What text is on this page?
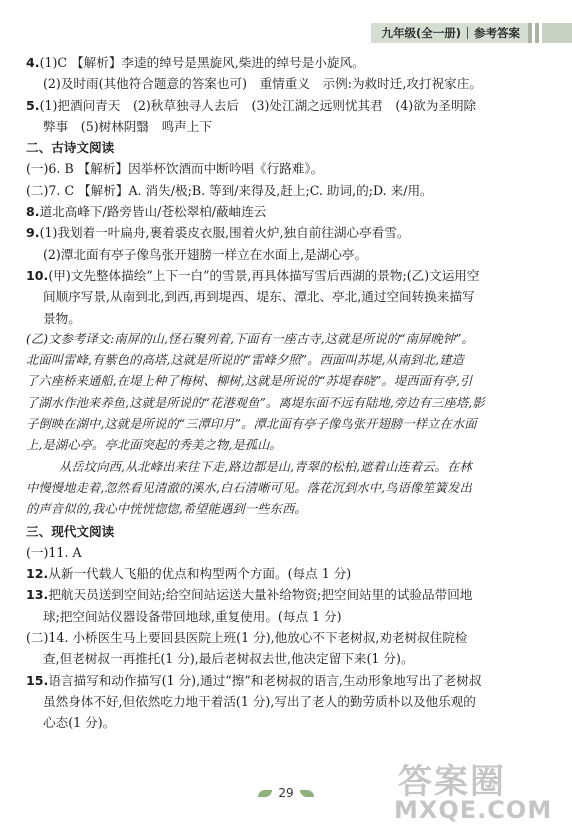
九年级(全一册) 参考答案
4.(1)C 【解析】李逵的绰号是黑旋风,柴进的绰号是小旋风。
(2)及时雨(其他符合题意的答案也可)　重情重义　示例:为救时迁,攻打祝家庄。
5.(1)把酒问青天　(2)秋草独寻人去后　(3)处江湖之远则忧其君　(4)欲为圣明除
弊事　(5)树林阴翳　鸣声上下
二、古诗文阅读
(一)6. B 【解析】因举杯饮酒而中断吟唱《行路难》。
(二)7. C 【解析】A. 消失/极;B. 等到/来得及,赶上;C. 助词,的;D. 来/用。
8.道北高峰下/路旁皆山/苍松翠柏/蔽岫连云
9.(1)我划着一叶扁舟,裹着裘皮衣服,围着火炉,独自前往湖心亭看雪。
(2)潭北面有亭子像鸟张开翅膀一样立在水面上,是湖心亭。
10.(甲)文先整体描绘“上下一白”的雪景,再具体描写雪后西湖的景物;(乙)文运用空
间顺序写景,从南到北,到西,再到堤西、堤东、潭北、亭北,通过空间转换来描写
景物。
(乙)文参考译文:南屏的山,怪石聚列着,下面有一座古寺,这就是所说的“南屏晚钟”。
北面叫雷峰,有紫色的高塔,这就是所说的“雷峰夕照”。西面叫苏堤,从南到北,建造
了六座桥来通船,在堤上种了梅树、柳树,这就是所说的“苏堤春晓”。堤西面有亭,引
了湖水作池来养鱼,这就是所说的“花港观鱼”。离堤东面不远有陆地,旁边有三座塔,影
子倒映在湖中,这就是所说的“三潭印月”。潭北面有亭子像鸟张开翅膀一样立在水面
上,是湖心亭。亭北面突起的秀美之物,是孤山。
从岳坟向西,从北峰出来往下走,路边都是山,青翠的松柏,遮着山连着云。在林
中慢慢地走着,忽然看见清澈的溪水,白石清晰可见。落花沉到水中,鸟语像笙簧发出
的声音似的,我心中恍恍惚惚,希望能遇到一些东西。
三、现代文阅读
(一)11. A
12.从新一代载人飞船的优点和构型两个方面。(每点 1 分)
13.把航天员送到空间站;给空间站运送大量补给物资;把空间站里的试验品带回地
球;把空间站仪器设备带回地球,重复使用。(每点 1 分)
(二)14. 小桥医生马上要回县医院上班(1 分),他放心不下老树叔,劝老树叔住院检
查,但老树叔一再推托(1 分),最后老树叔去世,他决定留下来(1 分)。
15.语言描写和动作描写(1 分),通过“擦”和老树叔的语言,生动形象地写出了老树叔
虽然身体不好,但依然吃力地干着活(1 分),写出了老人的勤劳质朴以及他乐观的
心态(1 分)。
29	答案圈
MXQE.COM
